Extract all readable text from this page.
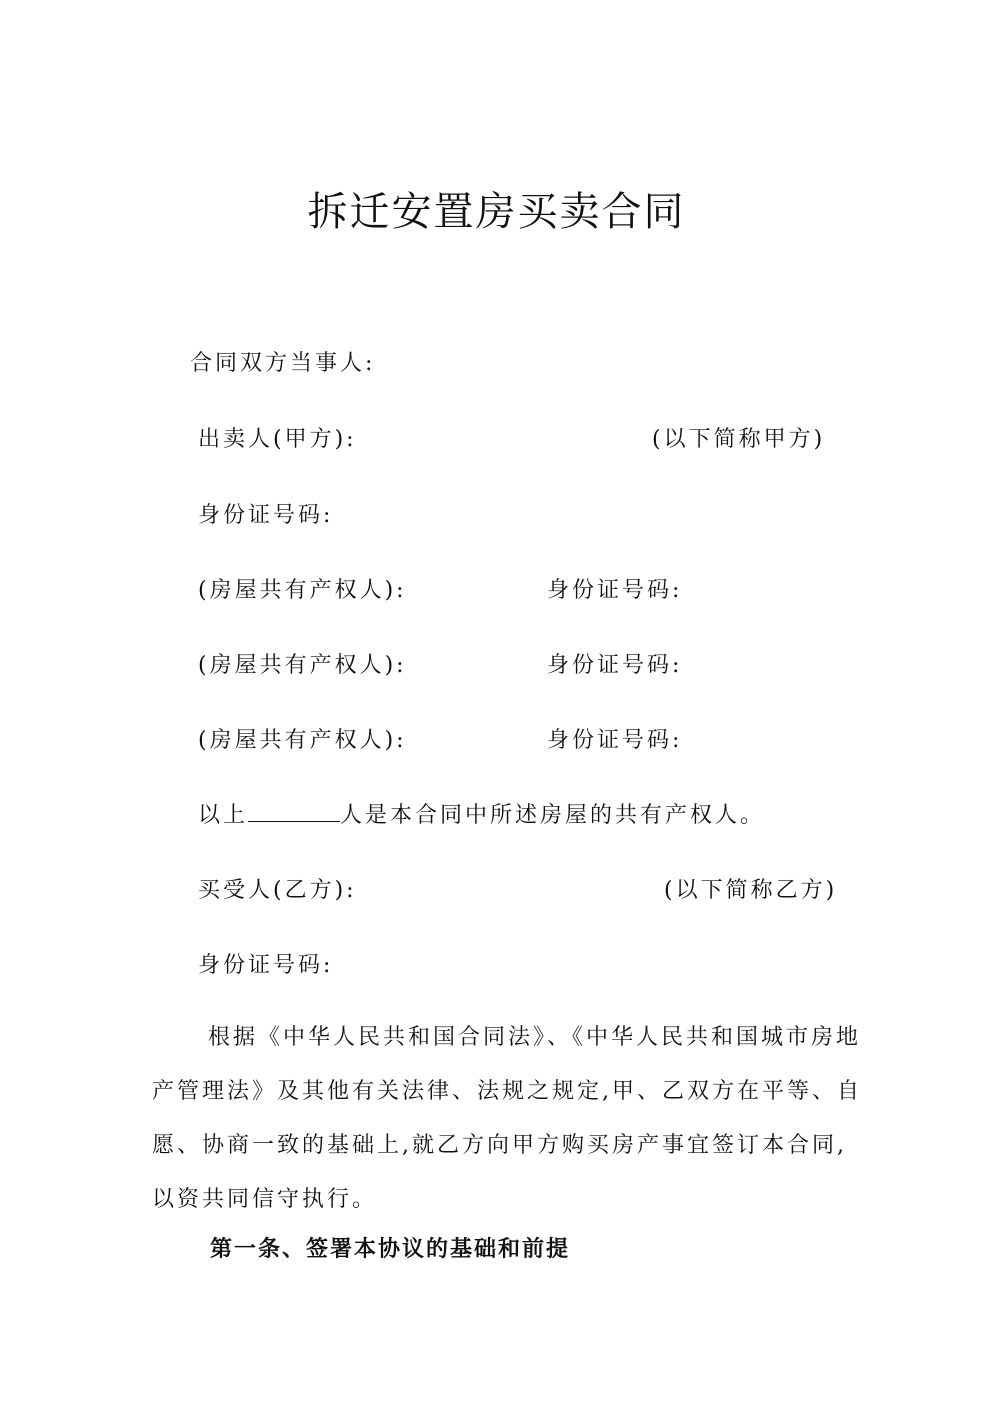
拆迁安置房买卖合同
合同双方当事人:
出卖人(甲方):	(以下简称甲方)
身份证号码:
(房屋共有产权人):	身份证号码:
(房屋共有产权人):	身份证号码:
(房屋共有产权人):	身份证号码:
以上	人是本合同中所述房屋的共有产权人。
买受人(乙方):	(以下简称乙方)
身份证号码:
根据《中华人民共和国合同法》、《中华人民共和国城市房地
产管理法》及其他有关法律、法规之规定,甲、乙双方在平等、自
愿、协商一致的基础上,就乙方向甲方购买房产事宜签订本合同,
以资共同信守执行。
第一条、签署本协议的基础和前提
